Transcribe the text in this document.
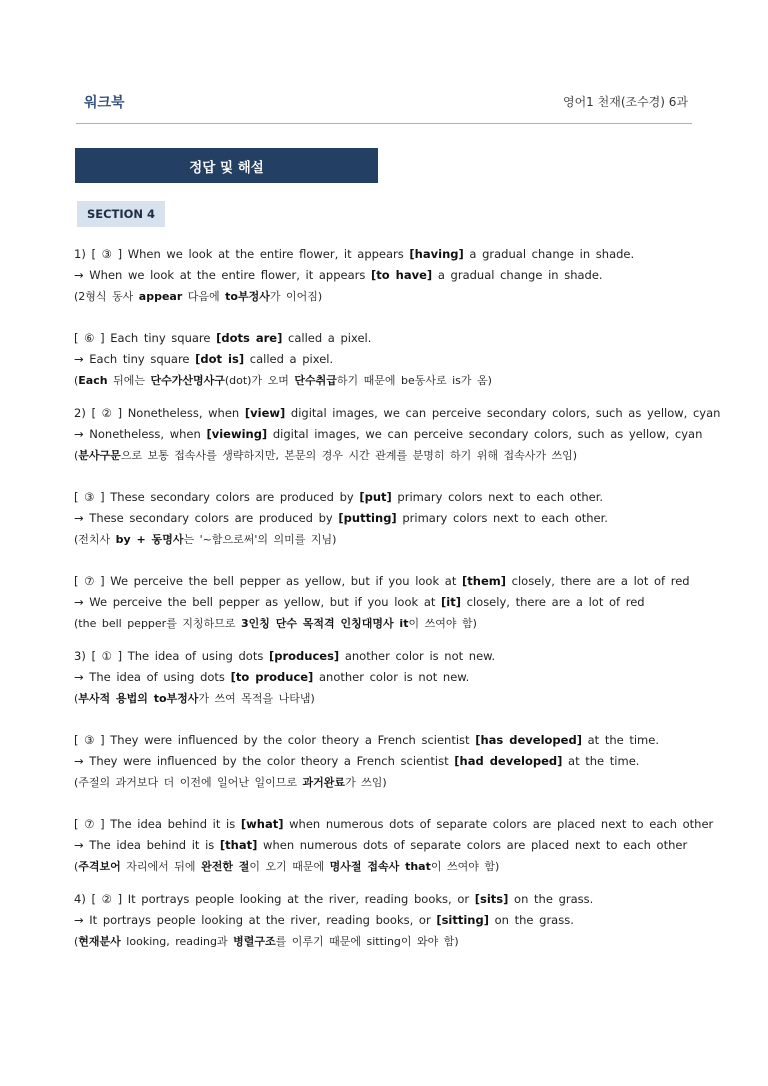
워크북	영어1 천재(조수경) 6과
정답 및 해설
SECTION 4
1) [ ③ ] When we look at the entire flower, it appears [having] a gradual change in shade.
→ When we look at the entire flower, it appears [to have] a gradual change in shade.
(2형식 동사 appear 다음에 to부정사가 이어짐)
[ ⑥ ] Each tiny square [dots are] called a pixel.
→ Each tiny square [dot is] called a pixel.
(Each 뒤에는 단수가산명사구(dot)가 오며 단수취급하기 때문에 be동사로 is가 옴)
2) [ ② ] Nonetheless, when [view] digital images, we can perceive secondary colors, such as yellow, cyan
→ Nonetheless, when [viewing] digital images, we can perceive secondary colors, such as yellow, cyan
(분사구문으로 보통 접속사를 생략하지만, 본문의 경우 시간 관계를 분명히 하기 위해 접속사가 쓰임)
[ ③ ] These secondary colors are produced by [put] primary colors next to each other.
→ These secondary colors are produced by [putting] primary colors next to each other.
(전치사 by + 동명사는 '~함으로써'의 의미를 지님)
[ ⑦ ] We perceive the bell pepper as yellow, but if you look at [them] closely, there are a lot of red
→ We perceive the bell pepper as yellow, but if you look at [it] closely, there are a lot of red
(the bell pepper를 지칭하므로 3인칭 단수 목적격 인칭대명사 it이 쓰여야 함)
3) [ ① ] The idea of using dots [produces] another color is not new.
→ The idea of using dots [to produce] another color is not new.
(부사적 용법의 to부정사가 쓰여 목적을 나타냄)
[ ③ ] They were influenced by the color theory a French scientist [has developed] at the time.
→ They were influenced by the color theory a French scientist [had developed] at the time.
(주절의 과거보다 더 이전에 일어난 일이므로 과거완료가 쓰임)
[ ⑦ ] The idea behind it is [what] when numerous dots of separate colors are placed next to each other
→ The idea behind it is [that] when numerous dots of separate colors are placed next to each other
(주격보어 자리에서 뒤에 완전한 절이 오기 때문에 명사절 접속사 that이 쓰여야 함)
4) [ ② ] It portrays people looking at the river, reading books, or [sits] on the grass.
→ It portrays people looking at the river, reading books, or [sitting] on the grass.
(현재분사 looking, reading과 병렬구조를 이루기 때문에 sitting이 와야 함)
